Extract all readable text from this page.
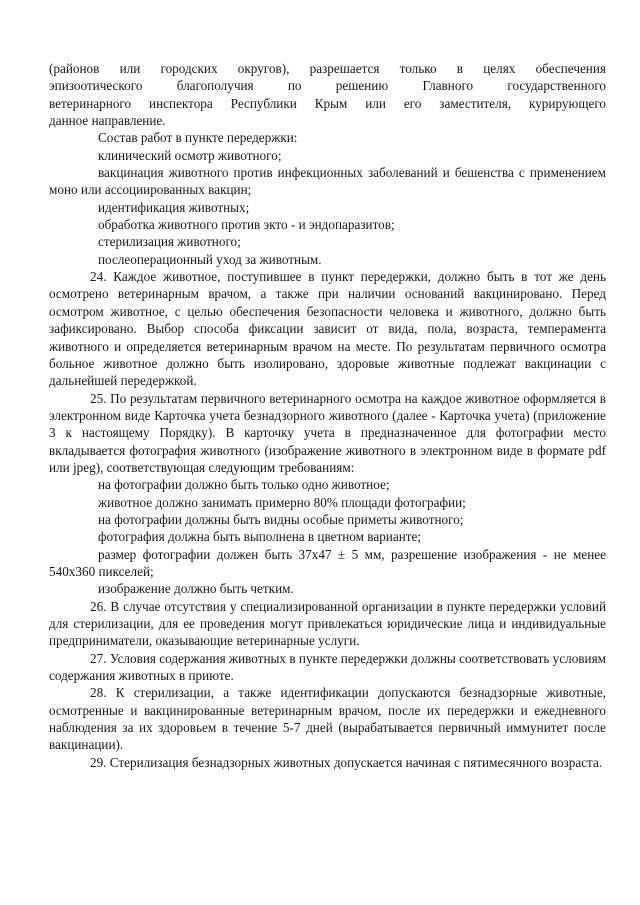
(районов или городских округов), разрешается только в целях обеспечения
эпизоотического благополучия по решению Главного государственного
ветеринарного инспектора Республики Крым или его заместителя, курирующего
данное направление.
Состав работ в пункте передержки:
клинический осмотр животного;
вакцинация животного против инфекционных заболеваний и бешенства с применением моно или ассоциированных вакцин;
идентификация животных;
обработка животного против экто - и эндопаразитов;
стерилизация животного;
послеоперационный уход за животным.
24. Каждое животное, поступившее в пункт передержки, должно быть в тот же день осмотрено ветеринарным врачом, а также при наличии оснований вакцинировано. Перед осмотром животное, с целью обеспечения безопасности человека и животного, должно быть зафиксировано. Выбор способа фиксации зависит от вида, пола, возраста, темперамента животного и определяется ветеринарным врачом на месте. По результатам первичного осмотра больное животное должно быть изолировано, здоровые животные подлежат вакцинации с дальнейшей передержкой.
25. По результатам первичного ветеринарного осмотра на каждое животное оформляется в электронном виде Карточка учета безнадзорного животного (далее - Карточка учета) (приложение 3 к настоящему Порядку). В карточку учета в предназначенное для фотографии место вкладывается фотография животного (изображение животного в электронном виде в формате pdf или jpeg), соответствующая следующим требованиям:
на фотографии должно быть только одно животное;
животное должно занимать примерно 80% площади фотографии;
на фотографии должны быть видны особые приметы животного;
фотография должна быть выполнена в цветном варианте;
размер фотографии должен быть 37x47 ± 5 мм, разрешение изображения - не менее 540x360 пикселей;
изображение должно быть четким.
26. В случае отсутствия у специализированной организации в пункте передержки условий для стерилизации, для ее проведения могут привлекаться юридические лица и индивидуальные предприниматели, оказывающие ветеринарные услуги.
27. Условия содержания животных в пункте передержки должны соответствовать условиям содержания животных в приюте.
28. К стерилизации, а также идентификации допускаются безнадзорные животные, осмотренные и вакцинированные ветеринарным врачом, после их передержки и ежедневного наблюдения за их здоровьем в течение 5-7 дней (вырабатывается первичный иммунитет после вакцинации).
29. Стерилизация безнадзорных животных допускается начиная с пятимесячного возраста.
